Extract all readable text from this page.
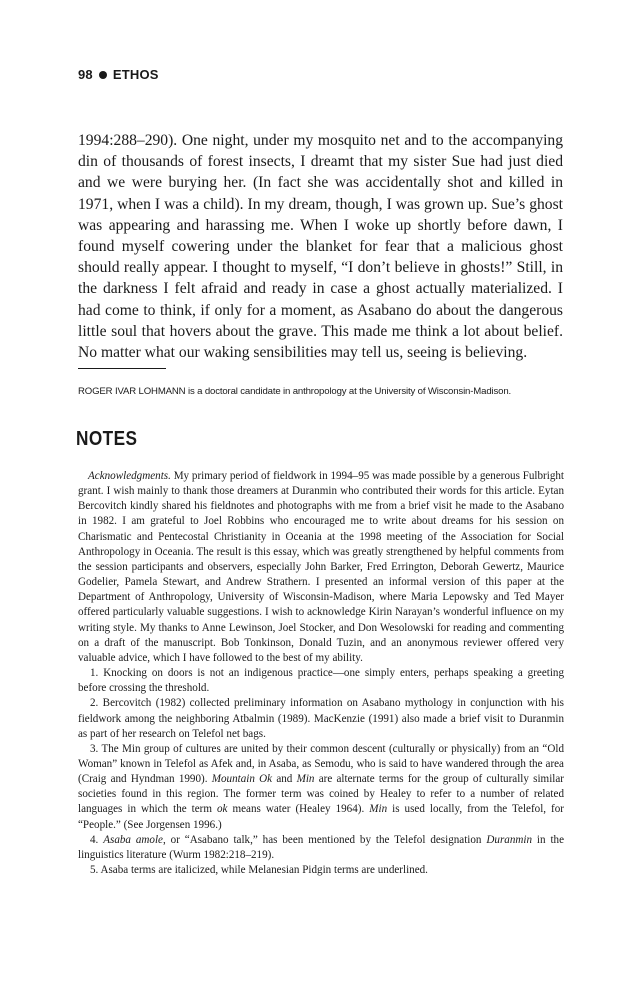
98 ETHOS

1994:288–290). One night, under my mosquito net and to the accompanying din of thousands of forest insects, I dreamt that my sister Sue had just died and we were burying her. (In fact she was accidentally shot and killed in 1971, when I was a child). In my dream, though, I was grown up. Sue’s ghost was appearing and harassing me. When I woke up shortly before dawn, I found myself cowering under the blanket for fear that a malicious ghost should really appear. I thought to myself, “I don’t believe in ghosts!” Still, in the darkness I felt afraid and ready in case a ghost actually materialized. I had come to think, if only for a moment, as Asabano do about the dangerous little soul that hovers about the grave. This made me think a lot about belief. No matter what our waking sensibilities may tell us, seeing is believing.

ROGER IVAR LOHMANN is a doctoral candidate in anthropology at the University of Wisconsin-Madison.

NOTES

Acknowledgments. My primary period of fieldwork in 1994–95 was made possible by a generous Fulbright grant. I wish mainly to thank those dreamers at Duranmin who contributed their words for this article. Eytan Bercovitch kindly shared his fieldnotes and photographs with me from a brief visit he made to the Asabano in 1982. I am grateful to Joel Robbins who encouraged me to write about dreams for his session on Charismatic and Pentecostal Christianity in Oceania at the 1998 meeting of the Association for Social Anthropology in Oceania. The result is this essay, which was greatly strengthened by helpful comments from the session participants and observers, especially John Barker, Fred Errington, Deborah Gewertz, Maurice Godelier, Pamela Stewart, and Andrew Strathern. I presented an informal version of this paper at the Department of Anthropology, University of Wisconsin-Madison, where Maria Lepowsky and Ted Mayer offered particularly valuable suggestions. I wish to acknowledge Kirin Narayan’s wonderful influence on my writing style. My thanks to Anne Lewinson, Joel Stocker, and Don Wesolowski for reading and commenting on a draft of the manuscript. Bob Tonkinson, Donald Tuzin, and an anonymous reviewer offered very valuable advice, which I have followed to the best of my ability.

1. Knocking on doors is not an indigenous practice—one simply enters, perhaps speaking a greeting before crossing the threshold.

2. Bercovitch (1982) collected preliminary information on Asabano mythology in conjunction with his fieldwork among the neighboring Atbalmin (1989). MacKenzie (1991) also made a brief visit to Duranmin as part of her research on Telefol net bags.

3. The Min group of cultures are united by their common descent (culturally or physically) from an “Old Woman” known in Telefol as Afek and, in Asaba, as Semodu, who is said to have wandered through the area (Craig and Hyndman 1990). Mountain Ok and Min are alternate terms for the group of culturally similar societies found in this region. The former term was coined by Healey to refer to a number of related languages in which the term ok means water (Healey 1964). Min is used locally, from the Telefol, for “People.” (See Jorgensen 1996.)

4. Asaba amole, or “Asabano talk,” has been mentioned by the Telefol designation Duranmin in the linguistics literature (Wurm 1982:218–219).

5. Asaba terms are italicized, while Melanesian Pidgin terms are underlined.
